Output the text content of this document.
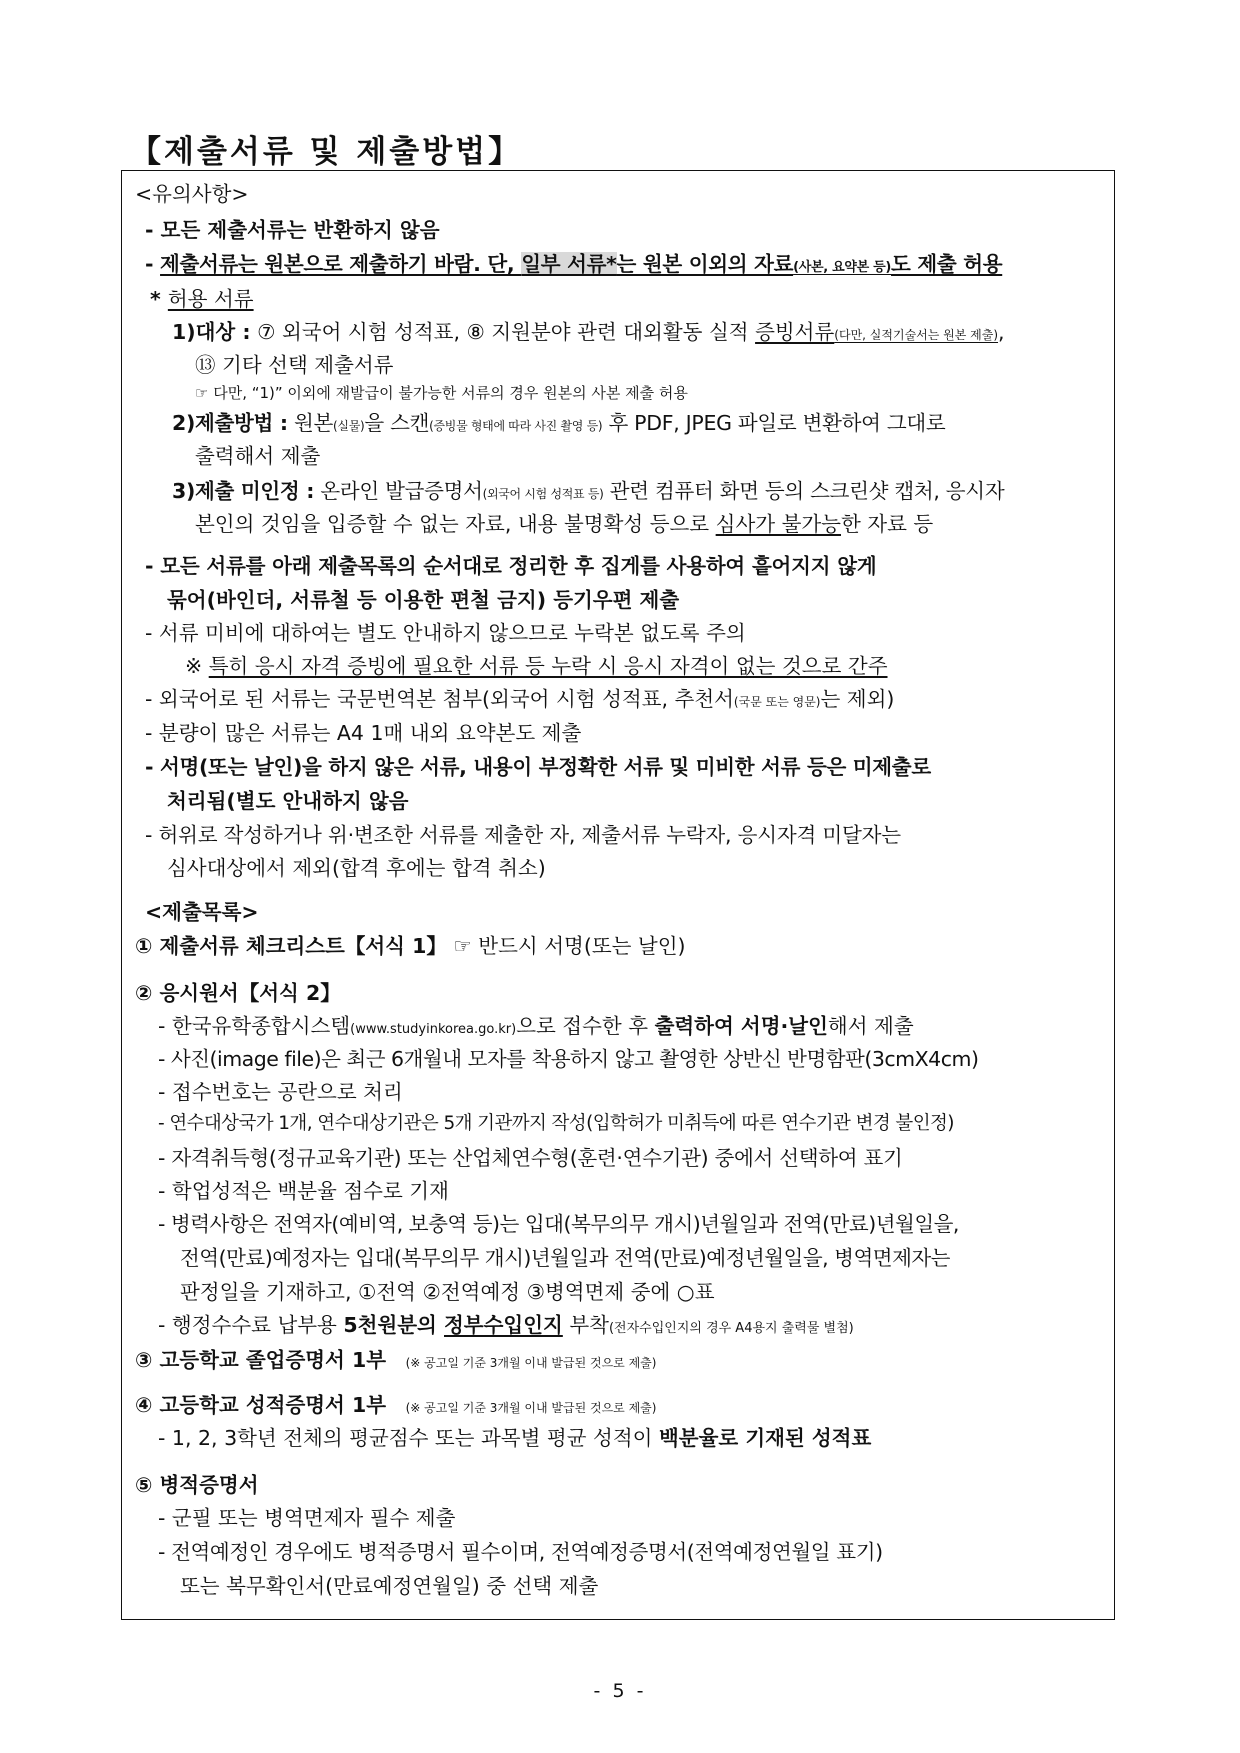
【제출서류 및 제출방법】
<유의사항>
- 모든 제출서류는 반환하지 않음
- 제출서류는 원본으로 제출하기 바람. 단, 일부 서류*는 원본 이외의 자료(사본, 요약본 등)도 제출 허용
* 허용 서류
1)대상 : ⑦ 외국어 시험 성적표, ⑧ 지원분야 관련 대외활동 실적 증빙서류(다만, 실적기술서는 원본 제출),
⑬ 기타 선택 제출서류
☞ 다만, “1)” 이외에 재발급이 불가능한 서류의 경우 원본의 사본 제출 허용
2)제출방법 : 원본(실물)을 스캔(증빙물 형태에 따라 사진 촬영 등) 후 PDF, JPEG 파일로 변환하여 그대로
출력해서 제출
3)제출 미인정 : 온라인 발급증명서(외국어 시험 성적표 등) 관련 컴퓨터 화면 등의 스크린샷 캡처, 응시자
본인의 것임을 입증할 수 없는 자료, 내용 불명확성 등으로 심사가 불가능한 자료 등
- 모든 서류를 아래 제출목록의 순서대로 정리한 후 집게를 사용하여 흩어지지 않게
묶어(바인더, 서류철 등 이용한 편철 금지) 등기우편 제출
- 서류 미비에 대하여는 별도 안내하지 않으므로 누락본 없도록 주의
※ 특히 응시 자격 증빙에 필요한 서류 등 누락 시 응시 자격이 없는 것으로 간주
- 외국어로 된 서류는 국문번역본 첨부(외국어 시험 성적표, 추천서(국문 또는 영문)는 제외)
- 분량이 많은 서류는 A4 1매 내외 요약본도 제출
- 서명(또는 날인)을 하지 않은 서류, 내용이 부정확한 서류 및 미비한 서류 등은 미제출로
처리됨(별도 안내하지 않음
- 허위로 작성하거나 위·변조한 서류를 제출한 자, 제출서류 누락자, 응시자격 미달자는
심사대상에서 제외(합격 후에는 합격 취소)
<제출목록>
① 제출서류 체크리스트【서식 1】 ☞ 반드시 서명(또는 날인)
② 응시원서【서식 2】
- 한국유학종합시스템(www.studyinkorea.go.kr)으로 접수한 후 출력하여 서명·날인해서 제출
- 사진(image file)은 최근 6개월내 모자를 착용하지 않고 촬영한 상반신 반명함판(3cmX4cm)
- 접수번호는 공란으로 처리
- 연수대상국가 1개, 연수대상기관은 5개 기관까지 작성(입학허가 미취득에 따른 연수기관 변경 불인정)
- 자격취득형(정규교육기관) 또는 산업체연수형(훈련·연수기관) 중에서 선택하여 표기
- 학업성적은 백분율 점수로 기재
- 병력사항은 전역자(예비역, 보충역 등)는 입대(복무의무 개시)년월일과 전역(만료)년월일을,
전역(만료)예정자는 입대(복무의무 개시)년월일과 전역(만료)예정년월일을, 병역면제자는
판정일을 기재하고, ①전역 ②전역예정 ③병역면제 중에 ○표
- 행정수수료 납부용 5천원분의 정부수입인지 부착(전자수입인지의 경우 A4용지 출력물 별첨)
③ 고등학교 졸업증명서 1부 (※ 공고일 기준 3개월 이내 발급된 것으로 제출)
④ 고등학교 성적증명서 1부 (※ 공고일 기준 3개월 이내 발급된 것으로 제출)
- 1, 2, 3학년 전체의 평균점수 또는 과목별 평균 성적이 백분율로 기재된 성적표
⑤ 병적증명서
- 군필 또는 병역면제자 필수 제출
- 전역예정인 경우에도 병적증명서 필수이며, 전역예정증명서(전역예정연월일 표기)
또는 복무확인서(만료예정연월일) 중 선택 제출
- 5 -
